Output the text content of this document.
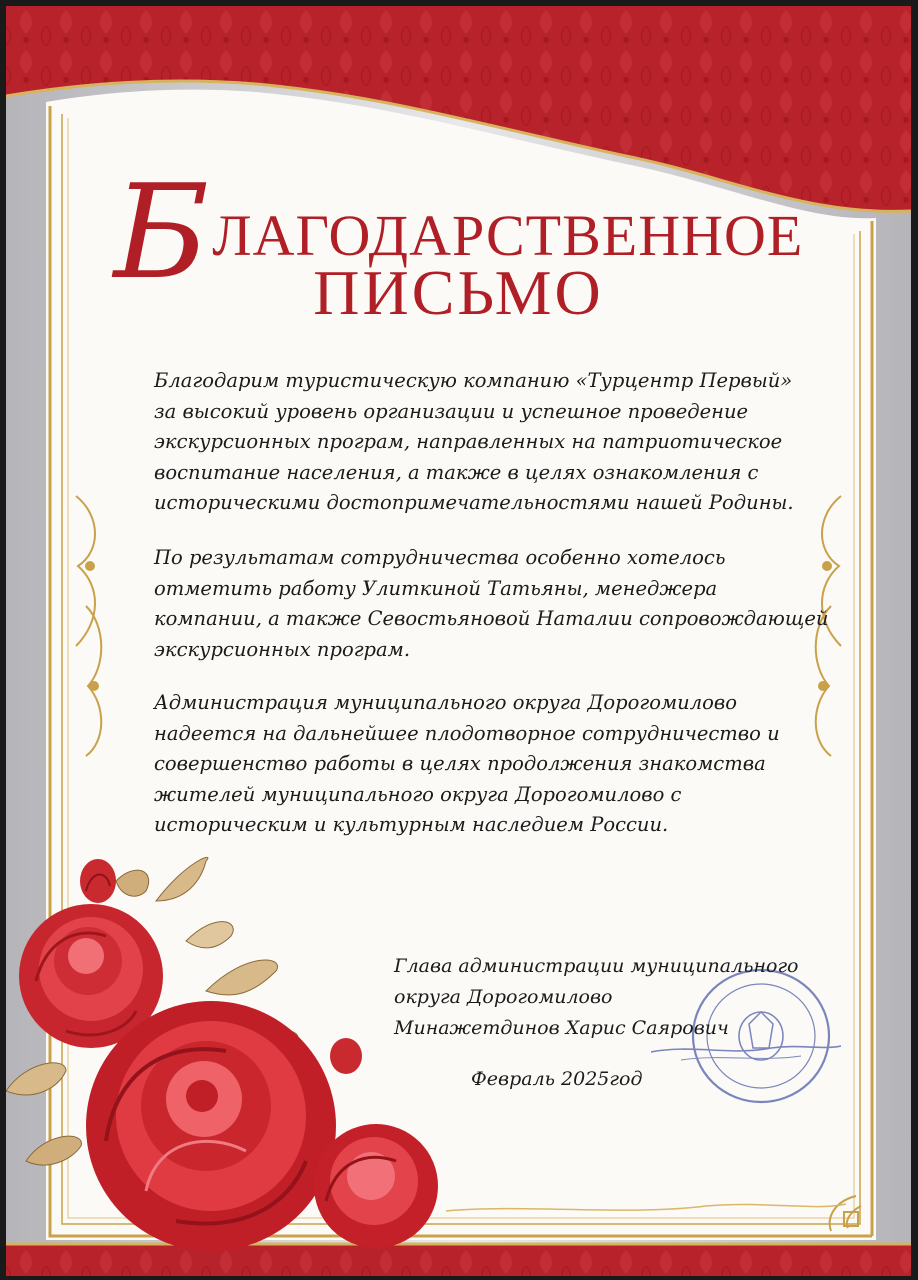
БЛАГОДАРСТВЕННОЕ
ПИСЬМО

Благодарим туристическую компанию «Турцентр Первый»
за высокий уровень организации и успешное проведение
экскурсионных програм, направленных на патриотическое
воспитание населения, а также в целях ознакомления с
историческими достопримечательностями нашей Родины.

По результатам сотрудничества особенно хотелось
отметить работу Улиткиной Татьяны, менеджера
компании, а также Севостьяновой Наталии сопровождающей
экскурсионных програм.

Администрация муниципального округа Дорогомилово
надеется на дальнейшее плодотворное сотрудничество и
совершенство работы в целях продолжения знакомства
жителей муниципального округа Дорогомилово с
историческим и культурным наследием России.

Глава администрации муниципального
округа Дорогомилово
Минажетдинов Харис Саярович
Февраль 2025год
